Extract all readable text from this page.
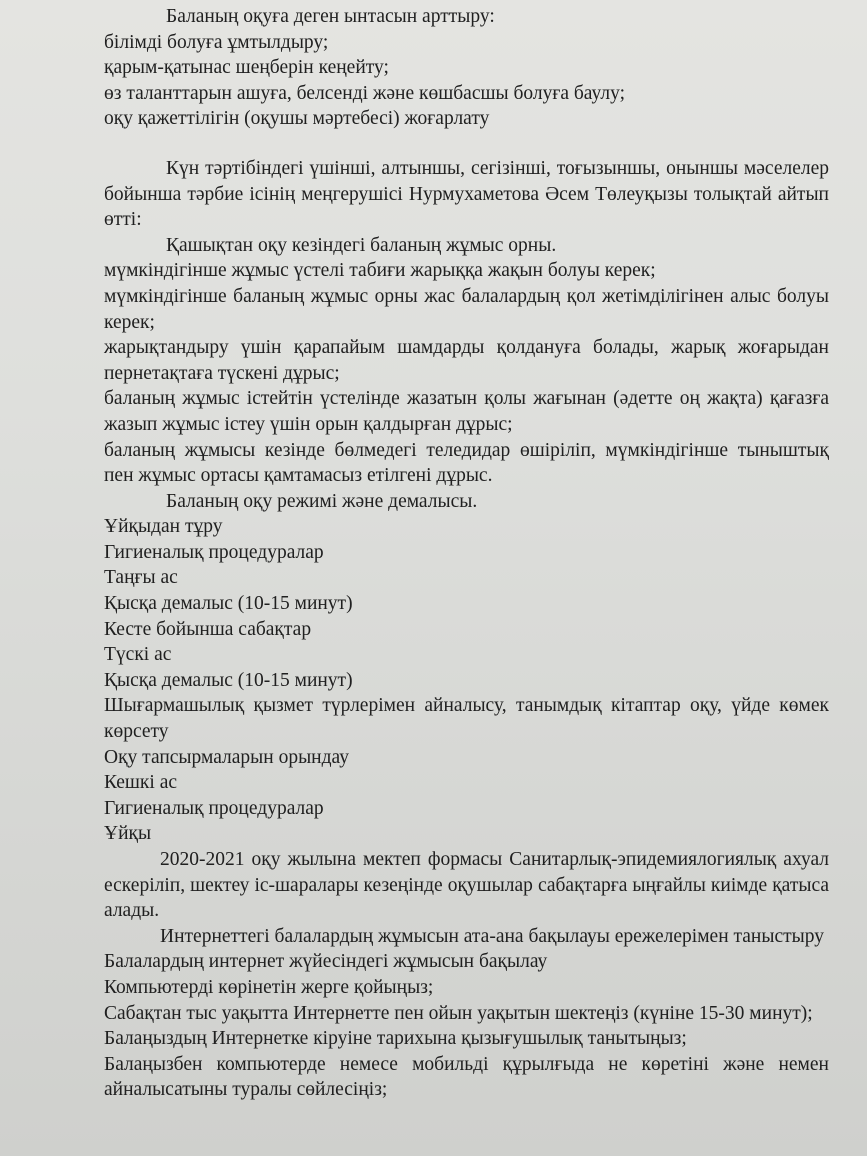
Баланың оқуға деген ынтасын арттыру:

білімді болуға ұмтылдыру;

қарым-қатынас шеңберін кеңейту;

өз таланттарын ашуға, белсенді және көшбасшы болуға баулу;

оқу қажеттілігін (оқушы мәртебесі) жоғарлату

Күн тәртібіндегі үшінші, алтыншы, сегізінші, тоғызыншы, оныншы мәселелер бойынша тәрбие ісінің меңгерушісі Нурмухаметова Әсем Төлеуқызы толықтай айтып өтті:

Қашықтан оқу кезіндегі баланың жұмыс орны.

мүмкіндігінше жұмыс үстелі табиғи жарыққа жақын болуы керек;

мүмкіндігінше баланың жұмыс орны жас балалардың қол жетімділігінен алыс болуы керек;

жарықтандыру үшін қарапайым шамдарды қолдануға болады, жарық жоғарыдан пернетақтаға түскені дұрыс;

баланың жұмыс істейтін үстелінде жазатын қолы жағынан (әдетте оң жақта) қағазға жазып жұмыс істеу үшін орын қалдырған дұрыс;

баланың жұмысы кезінде бөлмедегі теледидар өшіріліп, мүмкіндігінше тыныштық пен жұмыс ортасы қамтамасыз етілгені дұрыс.

Баланың оқу режимі және демалысы.

Ұйқыдан тұру

Гигиеналық процедуралар

Таңғы ас

Қысқа демалыс (10-15 минут)

Кесте бойынша сабақтар

Түскі ас

Қысқа демалыс (10-15 минут)

Шығармашылық қызмет түрлерімен айналысу, танымдық кітаптар оқу, үйде көмек көрсету

Оқу тапсырмаларын орындау

Кешкі ас

Гигиеналық процедуралар

Ұйқы

2020-2021 оқу жылына мектеп формасы Санитарлық-эпидемиялогиялық ахуал ескеріліп, шектеу іс-шаралары кезеңінде оқушылар сабақтарға ыңғайлы киімде қатыса алады.

Интернеттегі балалардың жұмысын ата-ана бақылауы ережелерімен таныстыру

Балалардың интернет жүйесіндегі жұмысын бақылау

Компьютерді көрінетін жерге қойыңыз;

Сабақтан тыс уақытта Интернетте пен ойын уақытын шектеңіз (күніне 15-30 минут);

Балаңыздың Интернетке кіруіне тарихына қызығушылық танытыңыз;

Балаңызбен компьютерде немесе мобильді құрылғыда не көретіні және немен айналысатыны туралы сөйлесіңіз;
